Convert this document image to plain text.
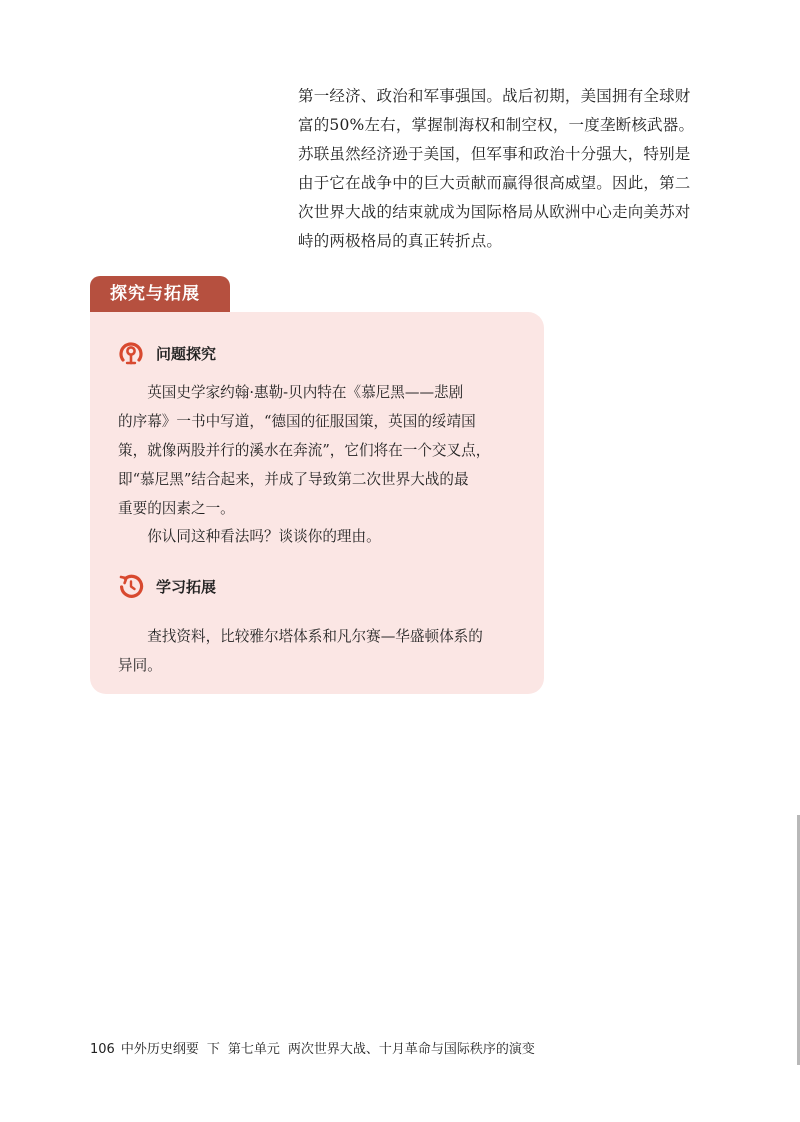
第一经济、政治和军事强国。战后初期，美国拥有全球财

富的50%左右，掌握制海权和制空权，一度垄断核武器。

苏联虽然经济逊于美国，但军事和政治十分强大，特别是

由于它在战争中的巨大贡献而赢得很高威望。因此，第二

次世界大战的结束就成为国际格局从欧洲中心走向美苏对

峙的两极格局的真正转折点。

探究与拓展
问题探究

英国史学家约翰·惠勒-贝内特在《慕尼黑——悲剧

的序幕》一书中写道，“德国的征服国策，英国的绥靖国

策，就像两股并行的溪水在奔流”，它们将在一个交叉点，

即“慕尼黑”结合起来，并成了导致第二次世界大战的最

重要的因素之一。

你认同这种看法吗？谈谈你的理由。

学习拓展

查找资料，比较雅尔塔体系和凡尔赛—华盛顿体系的

异同。

106 中外历史纲要 下 第七单元 两次世界大战、十月革命与国际秩序的演变
